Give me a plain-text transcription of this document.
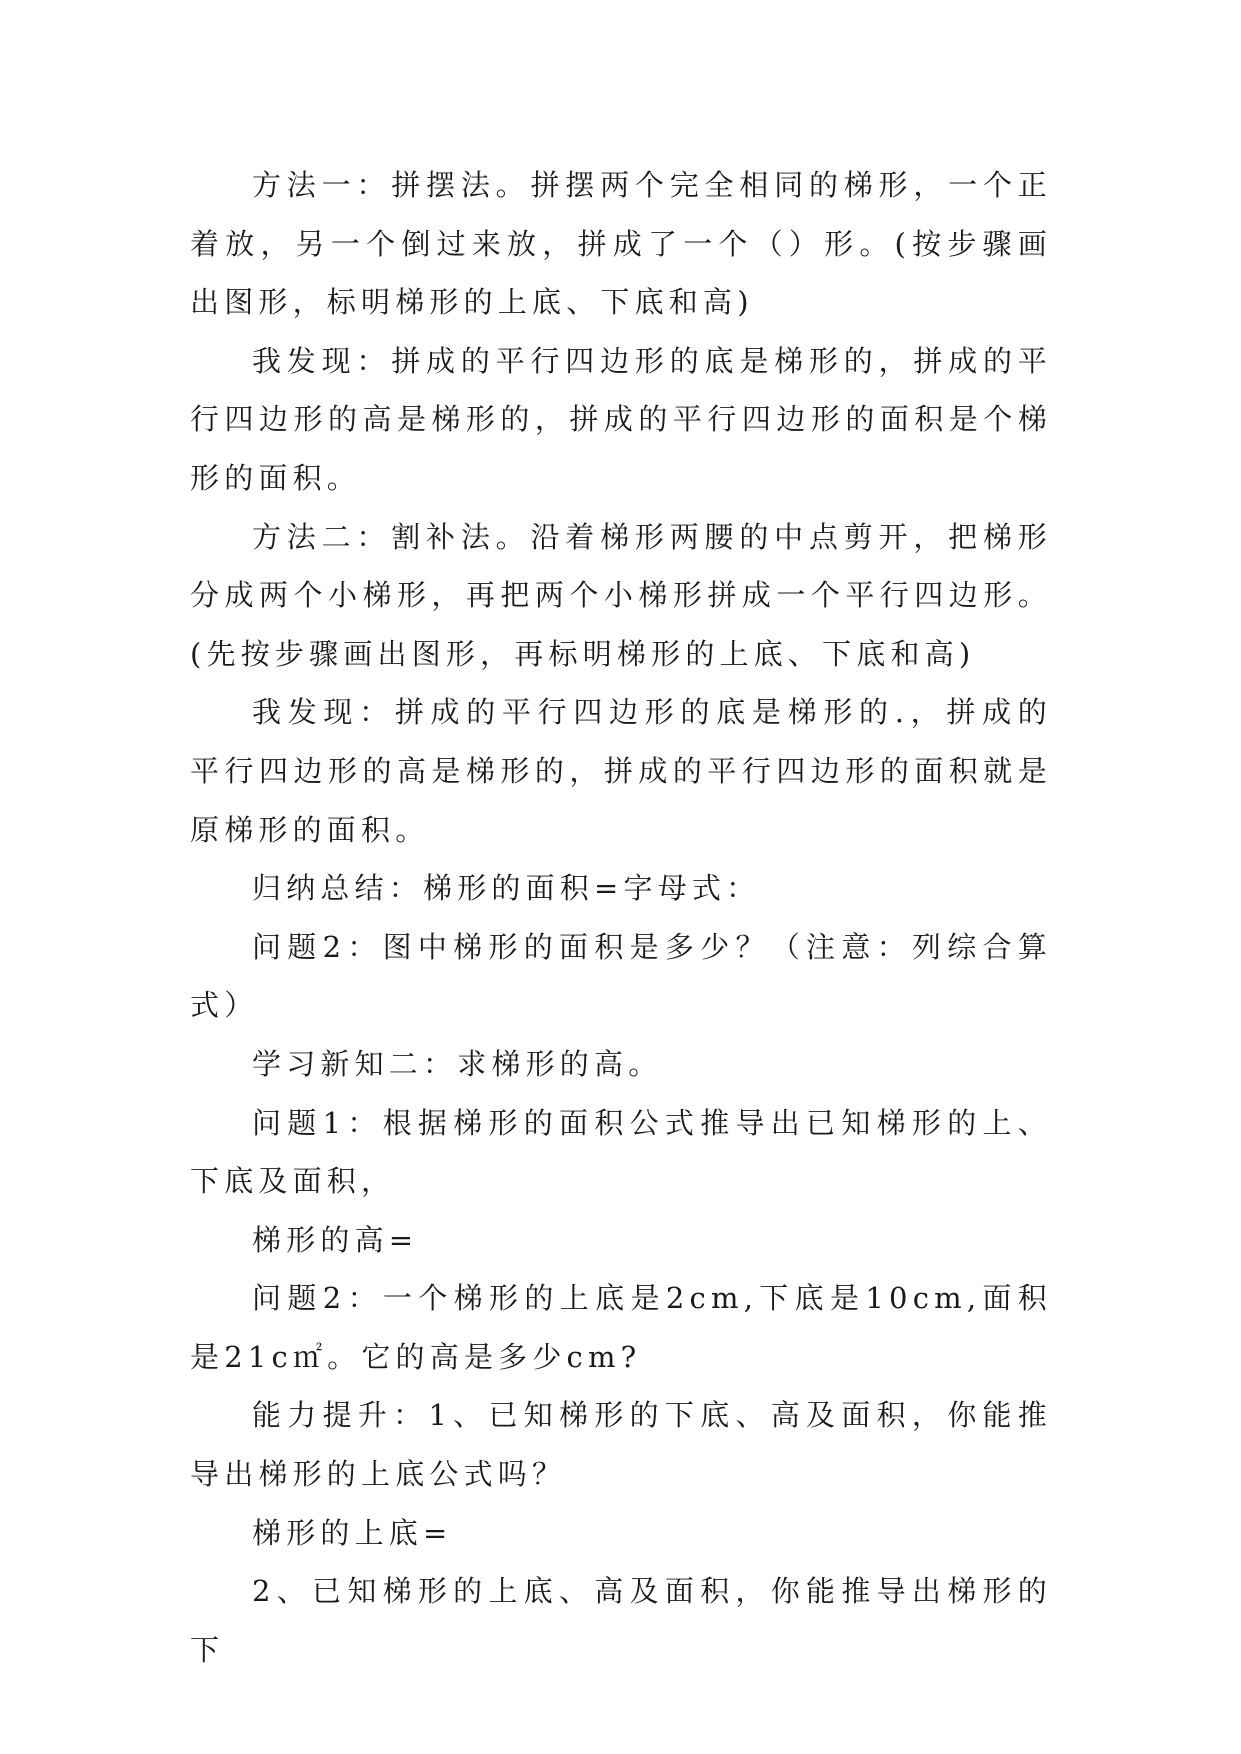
方法一：拼摆法。拼摆两个完全相同的梯形，一个正着放，另一个倒过来放，拼成了一个（）形。(按步骤画出图形，标明梯形的上底、下底和高)

我发现：拼成的平行四边形的底是梯形的，拼成的平行四边形的高是梯形的，拼成的平行四边形的面积是个梯形的面积。

方法二：割补法。沿着梯形两腰的中点剪开，把梯形分成两个小梯形，再把两个小梯形拼成一个平行四边形。(先按步骤画出图形，再标明梯形的上底、下底和高)

我发现：拼成的平行四边形的底是梯形的.，拼成的平行四边形的高是梯形的，拼成的平行四边形的面积就是原梯形的面积。

归纳总结：梯形的面积=字母式：

问题2：图中梯形的面积是多少？（注意：列综合算式）

学习新知二：求梯形的高。

问题1：根据梯形的面积公式推导出已知梯形的上、下底及面积，

梯形的高=

问题2：一个梯形的上底是2cm,下底是10cm,面积是21c㎡。它的高是多少cm?

能力提升：1、已知梯形的下底、高及面积，你能推导出梯形的上底公式吗？

梯形的上底=

2、已知梯形的上底、高及面积，你能推导出梯形的下
